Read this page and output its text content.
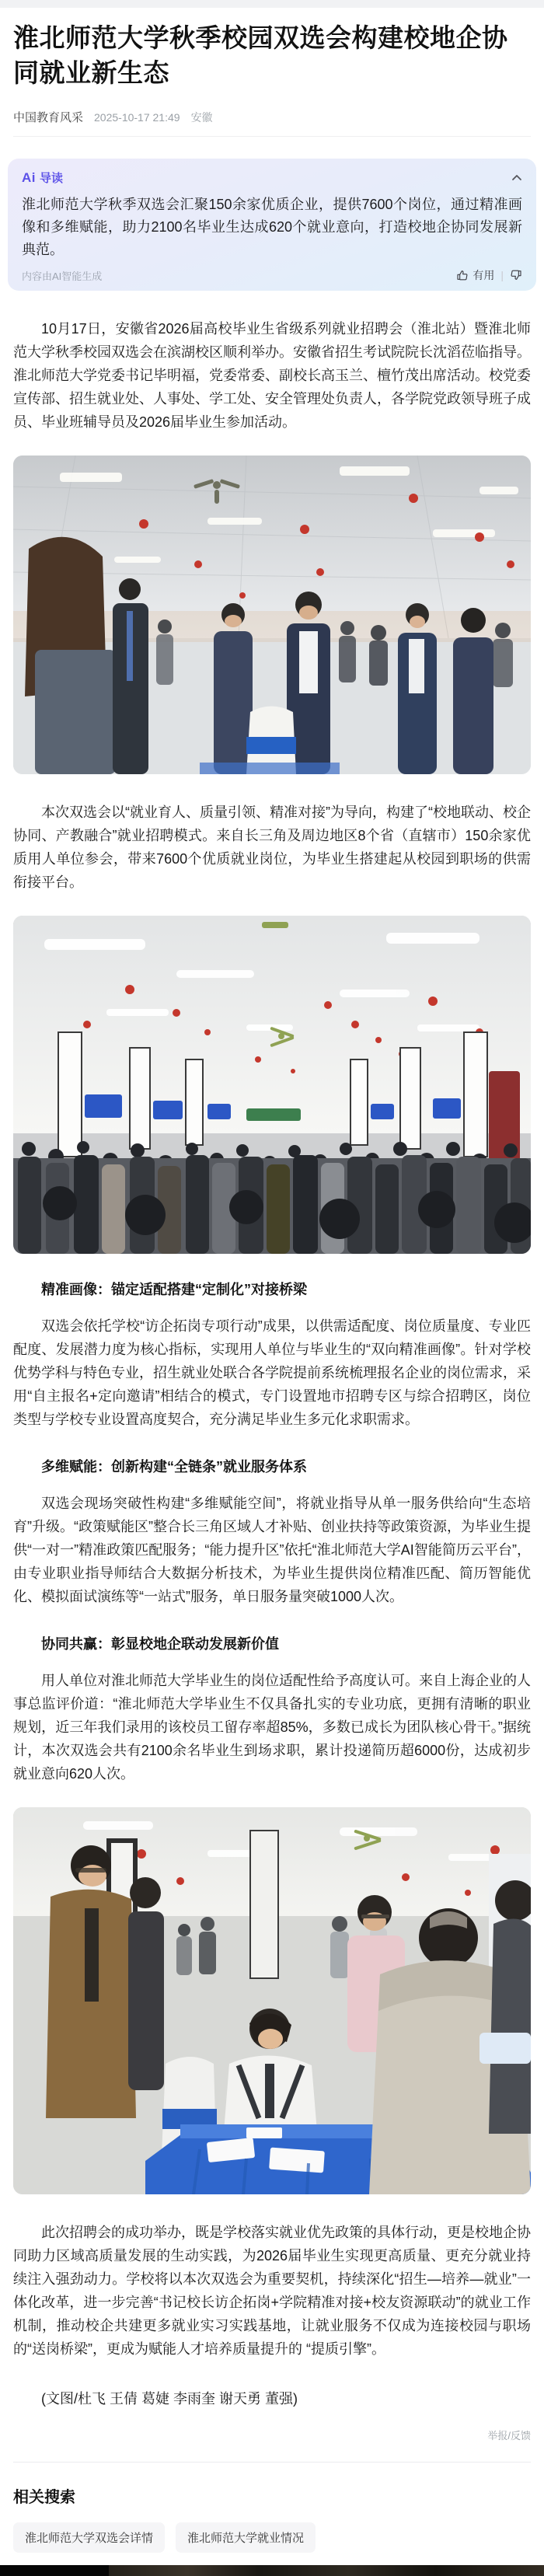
淮北师范大学秋季校园双选会构建校地企协同就业新生态
中国教育风采 2025-10-17 21:49 安徽
Ai 导读
淮北师范大学秋季双选会汇聚150余家优质企业，提供7600个岗位，通过精准画像和多维赋能，助力2100名毕业生达成620个就业意向，打造校地企协同发展新典范。
内容由AI智能生成	有用 |

10月17日，安徽省2026届高校毕业生省级系列就业招聘会（淮北站）暨淮北师范大学秋季校园双选会在滨湖校区顺利举办。安徽省招生考试院院长沈滔莅临指导。淮北师范大学党委书记毕明福，党委常委、副校长高玉兰、檀竹茂出席活动。校党委宣传部、招生就业处、人事处、学工处、安全管理处负责人，各学院党政领导班子成员、毕业班辅导员及2026届毕业生参加活动。

本次双选会以“就业育人、质量引领、精准对接”为导向，构建了“校地联动、校企协同、产教融合”就业招聘模式。来自长三角及周边地区8个省（直辖市）150余家优质用人单位参会，带来7600个优质就业岗位，为毕业生搭建起从校园到职场的供需衔接平台。

精准画像：锚定适配搭建“定制化”对接桥梁

双选会依托学校“访企拓岗专项行动”成果，以供需适配度、岗位质量度、专业匹配度、发展潜力度为核心指标，实现用人单位与毕业生的“双向精准画像”。针对学校优势学科与特色专业，招生就业处联合各学院提前系统梳理报名企业的岗位需求，采用“自主报名+定向邀请”相结合的模式，专门设置地市招聘专区与综合招聘区，岗位类型与学校专业设置高度契合，充分满足毕业生多元化求职需求。

多维赋能：创新构建“全链条”就业服务体系

双选会现场突破性构建“多维赋能空间”，将就业指导从单一服务供给向“生态培育”升级。“政策赋能区”整合长三角区域人才补贴、创业扶持等政策资源，为毕业生提供“一对一”精准政策匹配服务；“能力提升区”依托“淮北师范大学AI智能简历云平台”，由专业职业指导师结合大数据分析技术，为毕业生提供岗位精准匹配、简历智能优化、模拟面试演练等“一站式”服务，单日服务量突破1000人次。

协同共赢：彰显校地企联动发展新价值

用人单位对淮北师范大学毕业生的岗位适配性给予高度认可。来自上海企业的人事总监评价道：“淮北师范大学毕业生不仅具备扎实的专业功底，更拥有清晰的职业规划，近三年我们录用的该校员工留存率超85%，多数已成长为团队核心骨干。”据统计，本次双选会共有2100余名毕业生到场求职，累计投递简历超6000份，达成初步就业意向620人次。

此次招聘会的成功举办，既是学校落实就业优先政策的具体行动，更是校地企协同助力区域高质量发展的生动实践，为2026届毕业生实现更高质量、更充分就业持续注入强劲动力。学校将以本次双选会为重要契机，持续深化“招生—培养—就业”一体化改革，进一步完善“书记校长访企拓岗+学院精准对接+校友资源联动”的就业工作机制，推动校企共建更多就业实习实践基地，让就业服务不仅成为连接校园与职场的“送岗桥梁”，更成为赋能人才培养质量提升的 “提质引擎”。

(文图/杜飞 王倩 葛婕 李雨奎 谢天勇 董强)

举报/反馈
相关搜索
淮北师范大学双选会详情	淮北师范大学就业情况
